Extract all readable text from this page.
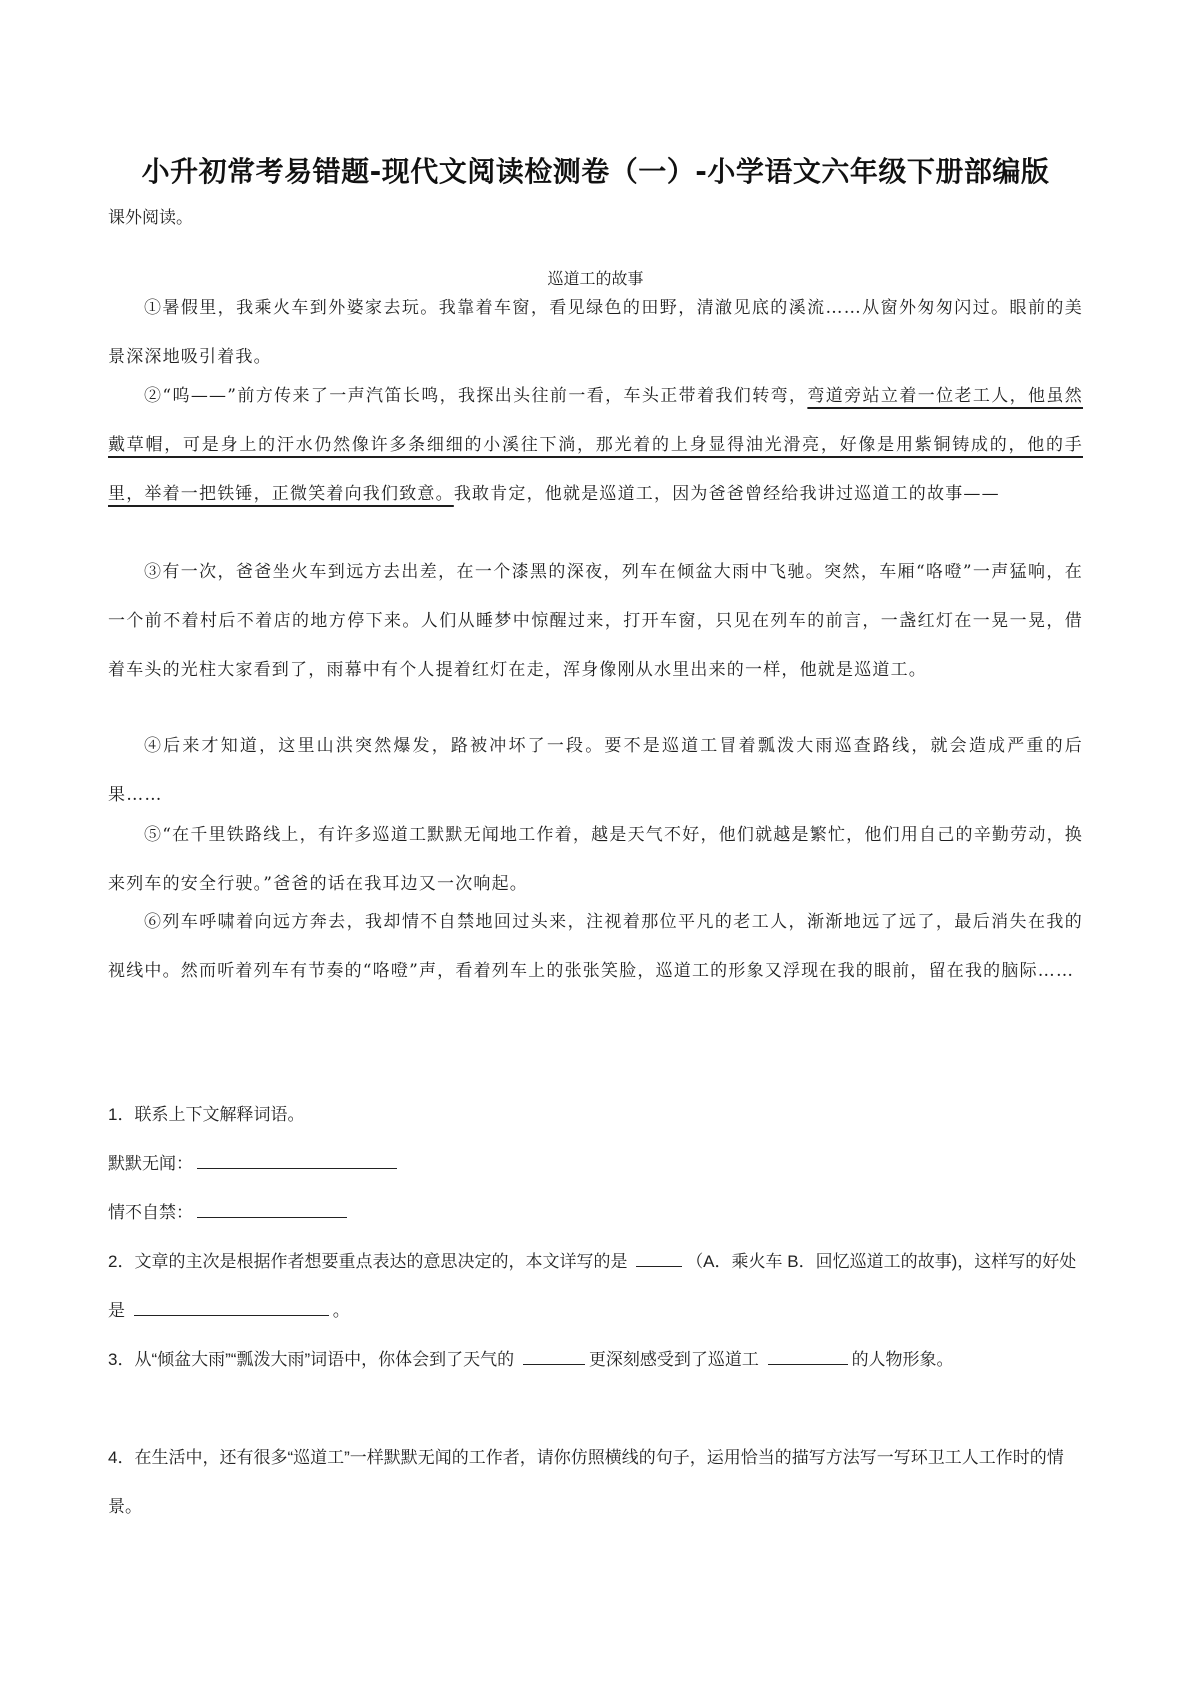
小升初常考易错题-现代文阅读检测卷（一）-小学语文六年级下册部编版
课外阅读。
巡道工的故事
①暑假里，我乘火车到外婆家去玩。我靠着车窗，看见绿色的田野，清澈见底的溪流……从窗外匆匆闪过。眼前的美景深深地吸引着我。
②“呜——”前方传来了一声汽笛长鸣，我探出头往前一看，车头正带着我们转弯，弯道旁站立着一位老工人，他虽然戴草帽，可是身上的汗水仍然像许多条细细的小溪往下淌，那光着的上身显得油光滑亮，好像是用紫铜铸成的，他的手里，举着一把铁锤，正微笑着向我们致意。我敢肯定，他就是巡道工，因为爸爸曾经给我讲过巡道工的故事——
③有一次，爸爸坐火车到远方去出差，在一个漆黑的深夜，列车在倾盆大雨中飞驰。突然，车厢“咯噔”一声猛响，在一个前不着村后不着店的地方停下来。人们从睡梦中惊醒过来，打开车窗，只见在列车的前言，一盏红灯在一晃一晃，借着车头的光柱大家看到了，雨幕中有个人提着红灯在走，浑身像刚从水里出来的一样，他就是巡道工。
④后来才知道，这里山洪突然爆发，路被冲坏了一段。要不是巡道工冒着瓢泼大雨巡查路线，就会造成严重的后果……
⑤“在千里铁路线上，有许多巡道工默默无闻地工作着，越是天气不好，他们就越是繁忙，他们用自己的辛勤劳动，换来列车的安全行驶。”爸爸的话在我耳边又一次响起。
⑥列车呼啸着向远方奔去，我却情不自禁地回过头来，注视着那位平凡的老工人，渐渐地远了远了，最后消失在我的视线中。然而听着列车有节奏的“咯噔”声，看着列车上的张张笑脸，巡道工的形象又浮现在我的眼前，留在我的脑际……
1．联系上下文解释词语。
默默无闻：
情不自禁：
2．文章的主次是根据作者想要重点表达的意思决定的，本文详写的是	（A．乘火车 B．回忆巡道工的故事)，这样写的好处是	。
3．从“倾盆大雨”“瓢泼大雨”词语中，你体会到了天气的	更深刻感受到了巡道工	的人物形象。
4．在生活中，还有很多“巡道工”一样默默无闻的工作者，请你仿照横线的句子，运用恰当的描写方法写一写环卫工人工作时的情景。
